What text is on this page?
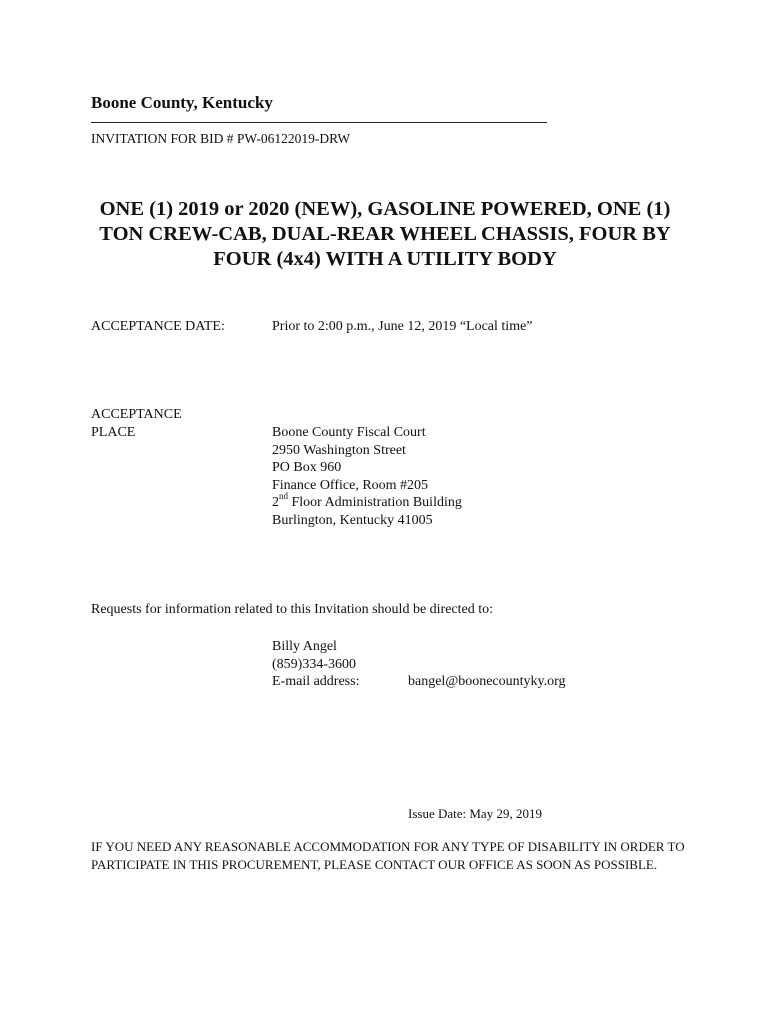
Boone County, Kentucky
INVITATION FOR BID # PW-06122019-DRW
ONE (1) 2019 or 2020 (NEW), GASOLINE POWERED, ONE (1)
TON CREW-CAB, DUAL-REAR WHEEL CHASSIS, FOUR BY
FOUR (4x4) WITH A UTILITY BODY
ACCEPTANCE DATE:	Prior to 2:00 p.m., June 12, 2019 “Local time”
ACCEPTANCE
PLACE	Boone County Fiscal Court
2950 Washington Street
PO Box 960
Finance Office, Room #205
2nd Floor Administration Building
Burlington, Kentucky 41005
Requests for information related to this Invitation should be directed to:
Billy Angel
(859)334-3600
E-mail address:	bangel@boonecountyky.org
Issue Date: May 29, 2019
IF YOU NEED ANY REASONABLE ACCOMMODATION FOR ANY TYPE OF DISABILITY IN ORDER TO PARTICIPATE IN THIS PROCUREMENT, PLEASE CONTACT OUR OFFICE AS SOON AS POSSIBLE.
